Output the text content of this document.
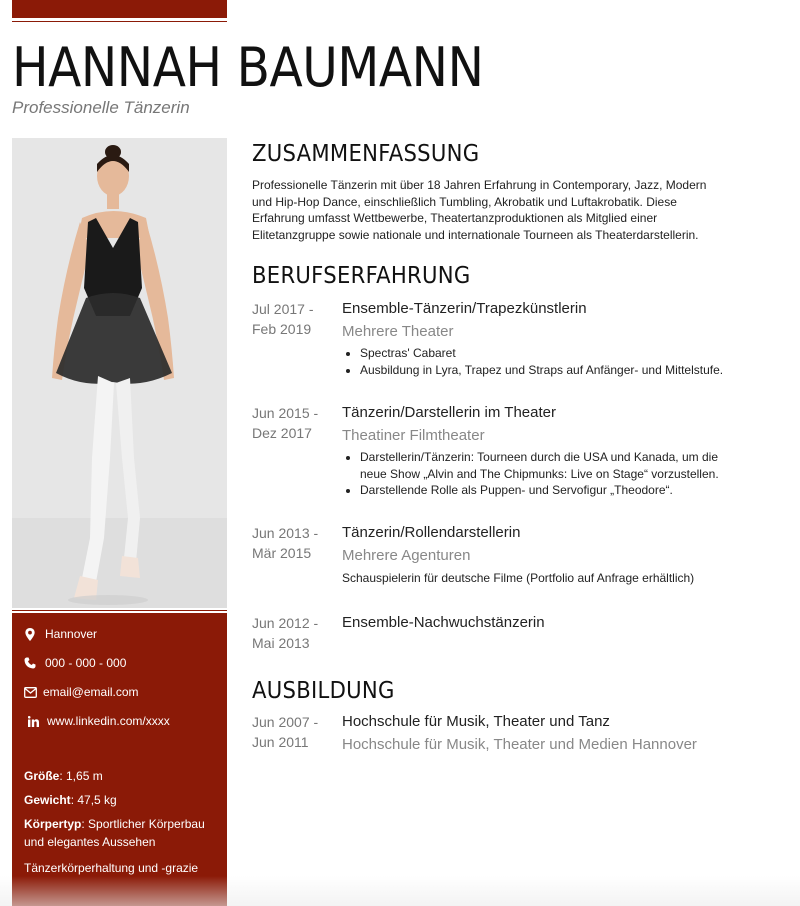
HANNAH BAUMANN
Professionelle Tänzerin
Hannover
000 - 000 - 000
email@email.com
www.linkedin.com/xxxx
Größe: 1,65 m
Gewicht: 47,5 kg
Körpertyp: Sportlicher Körperbau und elegantes Aussehen
Tänzerkörperhaltung und -grazie
ZUSAMMENFASSUNG
Professionelle Tänzerin mit über 18 Jahren Erfahrung in Contemporary, Jazz, Modern und Hip-Hop Dance, einschließlich Tumbling, Akrobatik und Luftakrobatik. Diese Erfahrung umfasst Wettbewerbe, Theatertanzproduktionen als Mitglied einer Elitetanzgruppe sowie nationale und internationale Tourneen als Theaterdarstellerin.
BERUFSERFAHRUNG
Jul 2017 -
Feb 2019
Ensemble-Tänzerin/Trapezkünstlerin
Mehrere Theater
• Spectras' Cabaret
• Ausbildung in Lyra, Trapez und Straps auf Anfänger- und Mittelstufe.
Jun 2015 -
Dez 2017
Tänzerin/Darstellerin im Theater
Theatiner Filmtheater
• Darstellerin/Tänzerin: Tourneen durch die USA und Kanada, um die neue Show „Alvin and The Chipmunks: Live on Stage“ vorzustellen.
• Darstellende Rolle als Puppen- und Servofigur „Theodore“.
Jun 2013 -
Mär 2015
Tänzerin/Rollendarstellerin
Mehrere Agenturen
Schauspielerin für deutsche Filme (Portfolio auf Anfrage erhältlich)
Jun 2012 -
Mai 2013
Ensemble-Nachwuchstänzerin
AUSBILDUNG
Jun 2007 -
Jun 2011
Hochschule für Musik, Theater und Tanz
Hochschule für Musik, Theater und Medien Hannover
